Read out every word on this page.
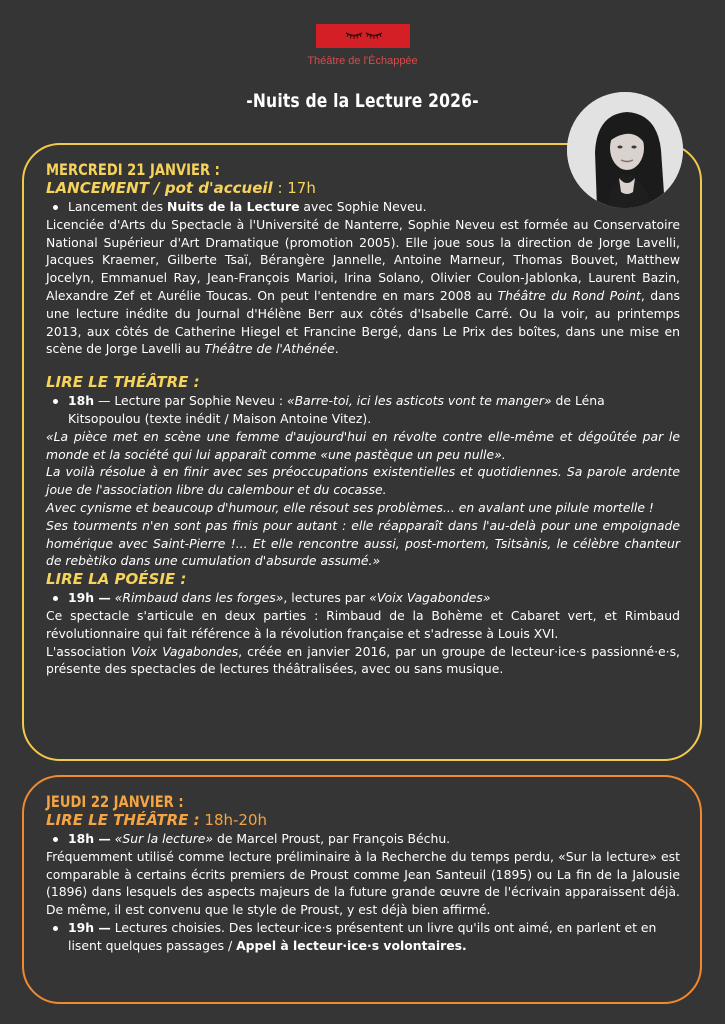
Théâtre de l'Échappée
-Nuits de la Lecture 2026-
MERCREDI 21 JANVIER :
LANCEMENT / pot d'accueil : 17h
Lancement des Nuits de la Lecture avec Sophie Neveu.
Licenciée d'Arts du Spectacle à l'Université de Nanterre, Sophie Neveu est formée au Conservatoire National Supérieur d'Art Dramatique (promotion 2005). Elle joue sous la direction de Jorge Lavelli, Jacques Kraemer, Gilberte Tsaï, Bérangère Jannelle, Antoine Marneur, Thomas Bouvet, Matthew Jocelyn, Emmanuel Ray, Jean-François Marioi, Irina Solano, Olivier Coulon-Jablonka, Laurent Bazin, Alexandre Zef et Aurélie Toucas. On peut l'entendre en mars 2008 au Théâtre du Rond Point, dans une lecture inédite du Journal d'Hélène Berr aux côtés d'Isabelle Carré. Ou la voir, au printemps 2013, aux côtés de Catherine Hiegel et Francine Bergé, dans Le Prix des boîtes, dans une mise en scène de Jorge Lavelli au Théâtre de l'Athénée.
LIRE LE THÉÂTRE :
18h — Lecture par Sophie Neveu : «Barre-toi, ici les asticots vont te manger» de Léna Kitsopoulou (texte inédit / Maison Antoine Vitez).
«La pièce met en scène une femme d'aujourd'hui en révolte contre elle-même et dégoûtée par le monde et la société qui lui apparaît comme «une pastèque un peu nulle».
La voilà résolue à en finir avec ses préoccupations existentielles et quotidiennes. Sa parole ardente joue de l'association libre du calembour et du cocasse.
Avec cynisme et beaucoup d'humour, elle résout ses problèmes... en avalant une pilule mortelle !
Ses tourments n'en sont pas finis pour autant : elle réapparaît dans l'au-delà pour une empoignade homérique avec Saint-Pierre !... Et elle rencontre aussi, post-mortem, Tsitsànis, le célèbre chanteur de rebètiko dans une cumulation d'absurde assumé.»
LIRE LA POÉSIE :
19h — «Rimbaud dans les forges», lectures par «Voix Vagabondes»
Ce spectacle s'articule en deux parties : Rimbaud de la Bohème et Cabaret vert, et Rimbaud révolutionnaire qui fait référence à la révolution française et s'adresse à Louis XVI.
L'association Voix Vagabondes, créée en janvier 2016, par un groupe de lecteur·ice·s passionné·e·s, présente des spectacles de lectures théâtralisées, avec ou sans musique.
JEUDI 22 JANVIER :
LIRE LE THÉÂTRE : 18h-20h
18h — «Sur la lecture» de Marcel Proust, par François Béchu.
Fréquemment utilisé comme lecture préliminaire à la Recherche du temps perdu, «Sur la lecture» est comparable à certains écrits premiers de Proust comme Jean Santeuil (1895) ou La fin de la Jalousie (1896) dans lesquels des aspects majeurs de la future grande œuvre de l'écrivain apparaissent déjà. De même, il est convenu que le style de Proust, y est déjà bien affirmé.
19h — Lectures choisies. Des lecteur·ice·s présentent un livre qu'ils ont aimé, en parlent et en lisent quelques passages / Appel à lecteur·ice·s volontaires.
